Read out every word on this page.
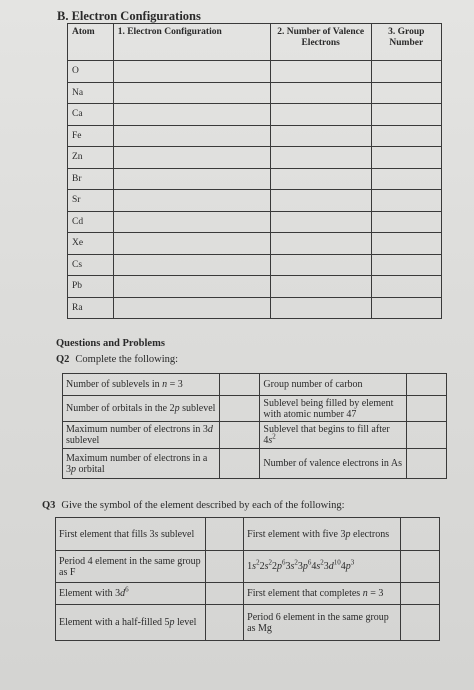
B. Electron Configurations
Atom	1. Electron Configuration	2. Number of Valence Electrons	3. Group Number
O			
Na			
Ca			
Fe			
Zn			
Br			
Sr			
Cd			
Xe			
Cs			
Pb			
Ra			
Questions and Problems
Q2 Complete the following:
Number of sublevels in n = 3		Group number of carbon	
Number of orbitals in the 2p sublevel		Sublevel being filled by element with atomic number 47	
Maximum number of electrons in 3d sublevel		Sublevel that begins to fill after $4s^2$	
Maximum number of electrons in a 3p orbital		Number of valence electrons in As	
Q3 Give the symbol of the element described by each of the following:
First element that fills 3s sublevel		First element with five 3p electrons	
Period 4 element in the same group as F		$1s^22s^22p^63s^23p^64s^23d^{10}4p^3$	
Element with $3d^6$		First element that completes n = 3	
Element with a half-filled 5p level		Period 6 element in the same group as Mg	
